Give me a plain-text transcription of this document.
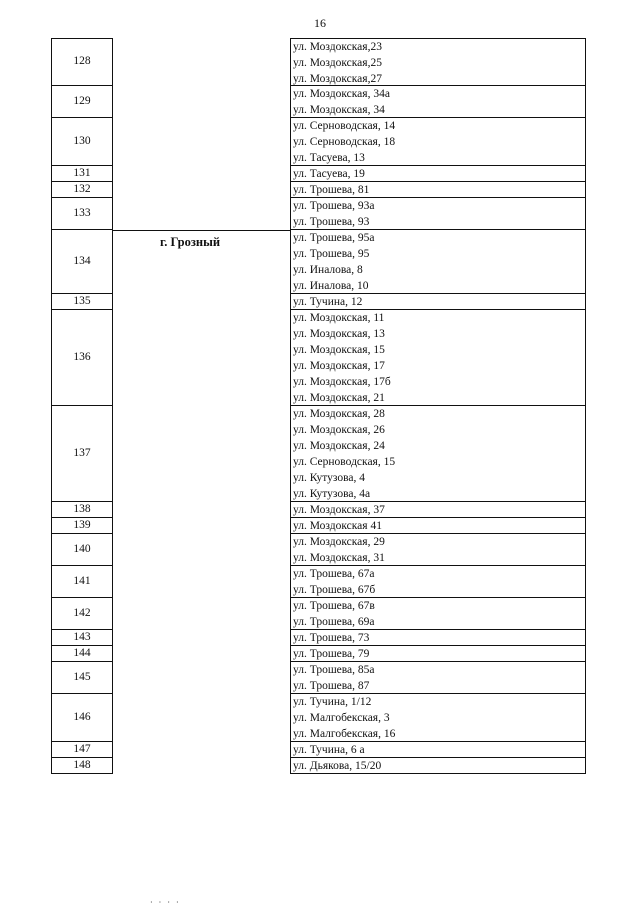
16
128
129
130
131
132
133
134
135
136
137
138
139
140
141
142
143
144
145
146
147
148
г. Грозный
ул. Моздокская,23
ул. Моздокская,25
ул. Моздокская,27
ул. Моздокская, 34а
ул. Моздокская, 34
ул. Серноводская, 14
ул. Серноводская, 18
ул. Тасуева, 13
ул. Тасуева, 19
ул. Трошева, 81
ул. Трошева, 93а
ул. Трошева, 93
ул. Трошева, 95а
ул. Трошева, 95
ул. Иналова, 8
ул. Иналова, 10
ул. Тучина, 12
ул. Моздокская, 11
ул. Моздокская, 13
ул. Моздокская, 15
ул. Моздокская, 17
ул. Моздокская, 17б
ул. Моздокская, 21
ул. Моздокская, 28
ул. Моздокская, 26
ул. Моздокская, 24
ул. Серноводская, 15
ул. Кутузова, 4
ул. Кутузова, 4а
ул. Моздокская, 37
ул. Моздокская 41
ул. Моздокская, 29
ул. Моздокская, 31
ул. Трошева, 67а
ул. Трошева, 67б
ул. Трошева, 67в
ул. Трошева, 69а
ул. Трошева, 73
ул. Трошева, 79
ул. Трошева, 85а
ул. Трошева, 87
ул. Тучина, 1/12
ул. Малгобекская, 3
ул. Малгобекская, 16
ул. Тучина, 6 а
ул. Дьякова, 15/20
· · · ·
